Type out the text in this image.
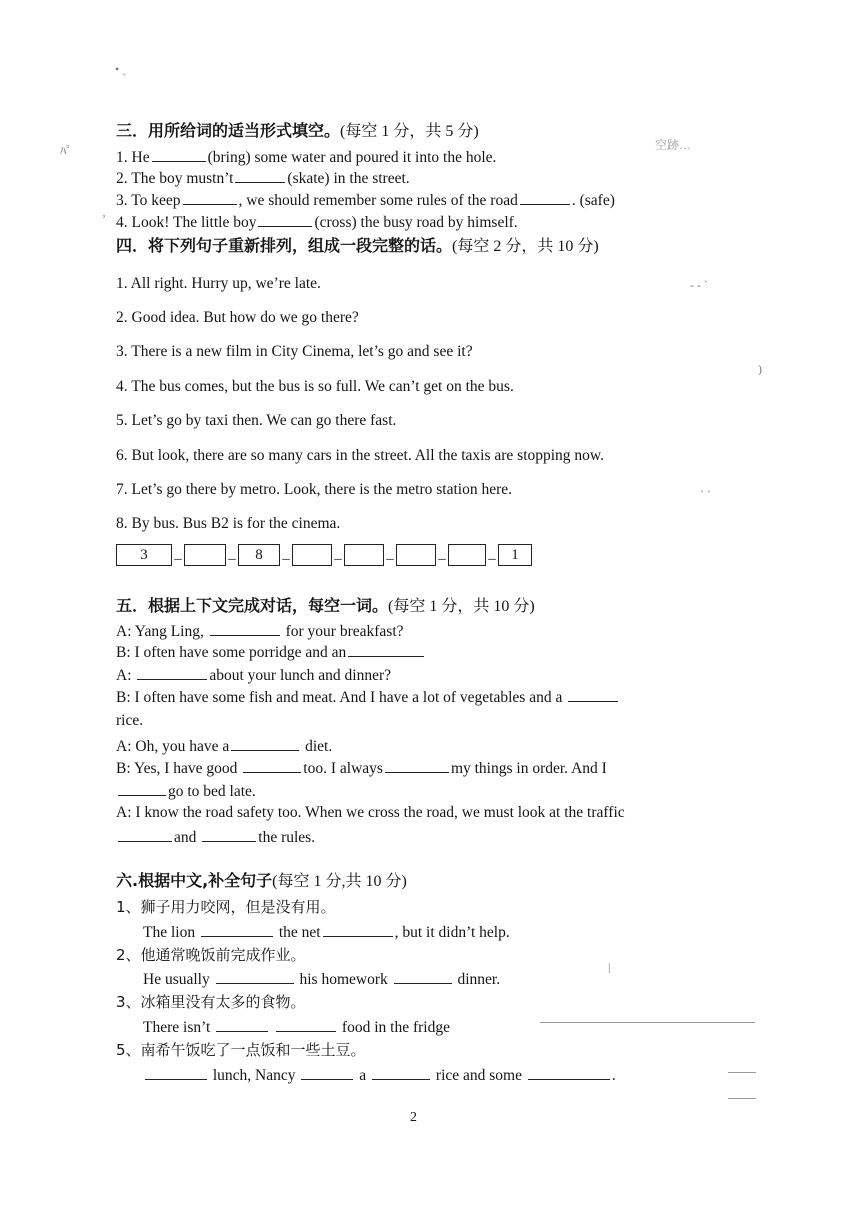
• ˏ
ﾊﾟ	空跡…
ʼ
- - ˋ
)
ˋ ˋ
|
三．用所给词的适当形式填空。(每空 1 分，共 5 分)
1. He	(bring) some water and poured it into the hole.
2. The boy mustn’t	(skate) in the street.
3. To keep	, we should remember some rules of the road	. (safe)
4. Look! The little boy	(cross) the busy road by himself.
四．将下列句子重新排列，组成一段完整的话。(每空 2 分，共 10 分)
1. All right. Hurry up, we’re late.
2. Good idea. But how do we go there?
3. There is a new film in City Cinema, let’s go and see it?
4. The bus comes, but the bus is so full. We can’t get on the bus.
5. Let’s go by taxi then. We can go there fast.
6. But look, there are so many cars in the street. All the taxis are stopping now.
7. Let’s go there by metro. Look, there is the metro station here.
8. By bus. Bus B2 is for the cinema.
3	–	–	8	–	–	–	–	–	1
五．根据上下文完成对话，每空一词。(每空 1 分，共 10 分)
A: Yang Ling,	for your breakfast?
B: I often have some porridge and an
A:	about your lunch and dinner?
B: I often have some fish and meat. And I have a lot of vegetables and a
rice.
A: Oh, you have a	diet.
B: Yes, I have good	too. I always	my things in order. And I
go to bed late.
A: I know the road safety too. When we cross the road, we must look at the traffic
and	the rules.
六.根据中文,补全句子(每空 1 分,共 10 分)
1、狮子用力咬网，但是没有用。
The lion	the net	, but it didn’t help.
2、他通常晚饭前完成作业。
He usually	his homework	dinner.
3、冰箱里没有太多的食物。
There isn’t	food in the fridge
5、南希午饭吃了一点饭和一些土豆。
lunch, Nancy	a	rice and some	.
2
